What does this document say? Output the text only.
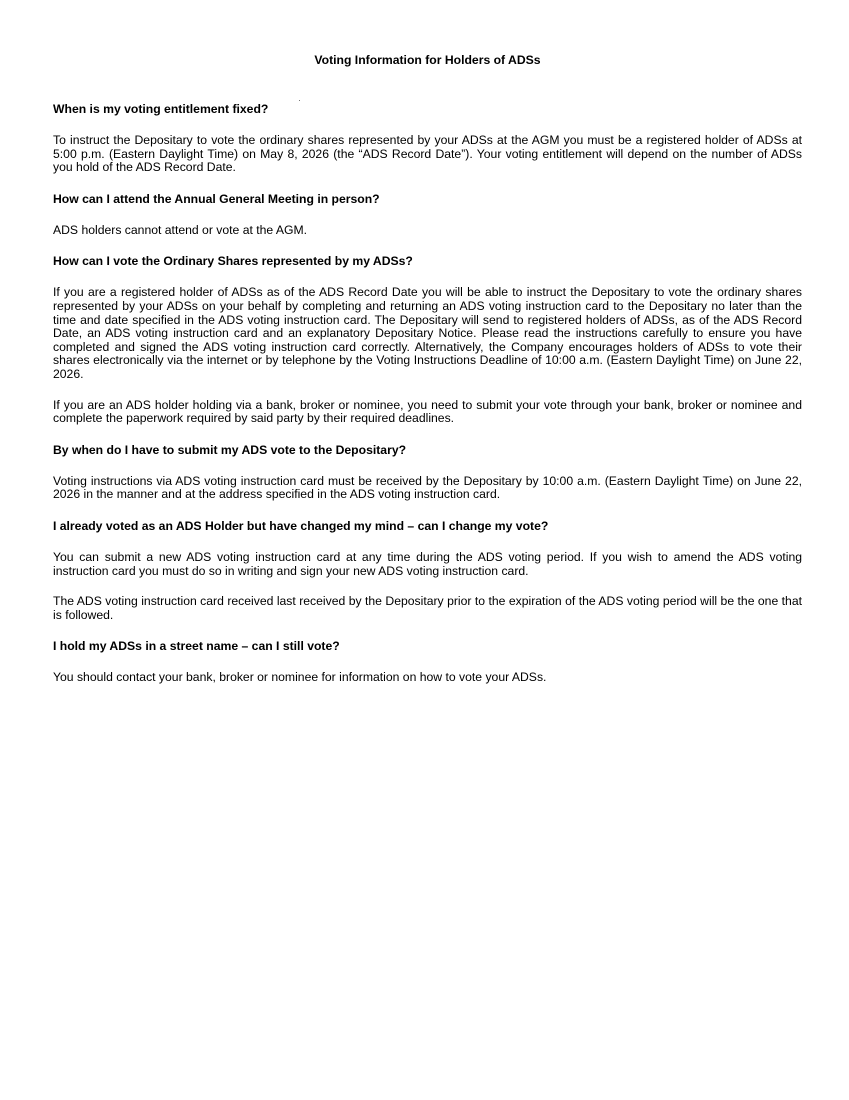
Voting Information for Holders of ADSs

When is my voting entitlement fixed?

To instruct the Depositary to vote the ordinary shares represented by your ADSs at the AGM you must be a registered holder of ADSs at 5:00 p.m. (Eastern Daylight Time) on May 8, 2026 (the “ADS Record Date”). Your voting entitlement will depend on the number of ADSs you hold of the ADS Record Date.

How can I attend the Annual General Meeting in person?

ADS holders cannot attend or vote at the AGM.

How can I vote the Ordinary Shares represented by my ADSs?

If you are a registered holder of ADSs as of the ADS Record Date you will be able to instruct the Depositary to vote the ordinary shares represented by your ADSs on your behalf by completing and returning an ADS voting instruction card to the Depositary no later than the time and date specified in the ADS voting instruction card. The Depositary will send to registered holders of ADSs, as of the ADS Record Date, an ADS voting instruction card and an explanatory Depositary Notice. Please read the instructions carefully to ensure you have completed and signed the ADS voting instruction card correctly. Alternatively, the Company encourages holders of ADSs to vote their shares electronically via the internet or by telephone by the Voting Instructions Deadline of 10:00 a.m. (Eastern Daylight Time) on June 22, 2026.

If you are an ADS holder holding via a bank, broker or nominee, you need to submit your vote through your bank, broker or nominee and complete the paperwork required by said party by their required deadlines.

By when do I have to submit my ADS vote to the Depositary?

Voting instructions via ADS voting instruction card must be received by the Depositary by 10:00 a.m. (Eastern Daylight Time) on June 22, 2026 in the manner and at the address specified in the ADS voting instruction card.

I already voted as an ADS Holder but have changed my mind – can I change my vote?

You can submit a new ADS voting instruction card at any time during the ADS voting period. If you wish to amend the ADS voting instruction card you must do so in writing and sign your new ADS voting instruction card.

The ADS voting instruction card received last received by the Depositary prior to the expiration of the ADS voting period will be the one that is followed.

I hold my ADSs in a street name – can I still vote?

You should contact your bank, broker or nominee for information on how to vote your ADSs.
